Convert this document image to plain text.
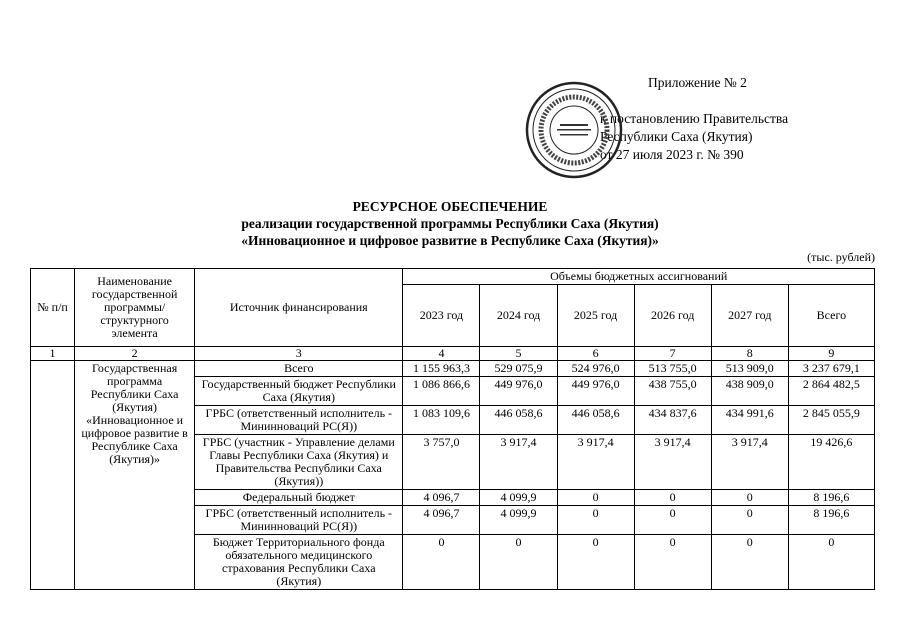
Приложение № 2
к постановлению Правительства
Республики Саха (Якутия)
от 27 июля 2023 г. № 390
РЕСУРСНОЕ ОБЕСПЕЧЕНИЕ
реализации государственной программы Республики Саха (Якутия)
«Инновационное и цифровое развитие в Республике Саха (Якутия)»
(тыс. рублей)
№ п/п	Наименование государственной программы/ структурного элемента	Источник финансирования	Объемы бюджетных ассигнований					
			2023 год	2024 год	2025 год	2026 год	2027 год	Всего
1	2	3	4	5	6	7	8	9
	Государственная программа Республики Саха (Якутия) «Инновационное и цифровое развитие в Республике Саха (Якутия)»	Всего	1 155 963,3	529 075,9	524 976,0	513 755,0	513 909,0	3 237 679,1
		Государственный бюджет Республики Саха (Якутия)	1 086 866,6	449 976,0	449 976,0	438 755,0	438 909,0	2 864 482,5
		ГРБС (ответственный исполнитель - Мининноваций РС(Я))	1 083 109,6	446 058,6	446 058,6	434 837,6	434 991,6	2 845 055,9
		ГРБС (участник - Управление делами Главы Республики Саха (Якутия) и Правительства Республики Саха (Якутия))	3 757,0	3 917,4	3 917,4	3 917,4	3 917,4	19 426,6
		Федеральный бюджет	4 096,7	4 099,9	0	0	0	8 196,6
		ГРБС (ответственный исполнитель - Мининноваций РС(Я))	4 096,7	4 099,9	0	0	0	8 196,6
		Бюджет Территориального фонда обязательного медицинского страхования Республики Саха (Якутия)	0	0	0	0	0	0
